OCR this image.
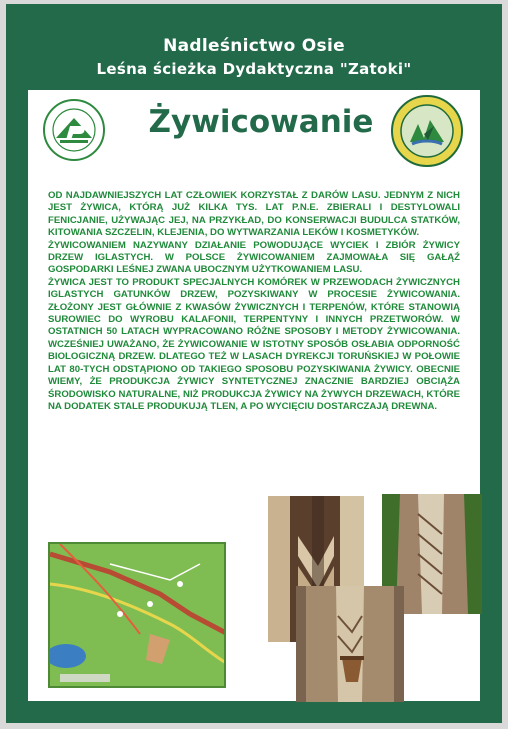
Nadleśnictwo Osie
Leśna ścieżka Dydaktyczna "Zatoki"
Żywicowanie

OD NAJDAWNIEJSZYCH LAT CZŁOWIEK KORZYSTAŁ Z DARÓW LASU. JEDNYM Z NICH JEST ŻYWICA, KTÓRĄ JUŻ KILKA TYS. LAT P.N.E. ZBIERALI I DESTYLOWALI FENICJANIE, UŻYWAJĄC JEJ, NA PRZYKŁAD, DO KONSERWACJI BUDULCA STATKÓW, KITOWANIA SZCZELIN, KLEJENIA, DO WYTWARZANIA LEKÓW I KOSMETYKÓW.

ŻYWICOWANIEM NAZYWANY DZIAŁANIE POWODUJĄCE WYCIEK I ZBIÓR ŻYWICY DRZEW IGLASTYCH. W POLSCE ŻYWICOWANIEM ZAJMOWAŁA SIĘ GAŁĄŹ GOSPODARKI LEŚNEJ ZWANA UBOCZNYM UŻYTKOWANIEM LASU.

ŻYWICA JEST TO PRODUKT SPECJALNYCH KOMÓREK W PRZEWODACH ŻYWICZNYCH IGLASTYCH GATUNKÓW DRZEW, POZYSKIWANY W PROCESIE ŻYWICOWANIA. ZŁOŻONY JEST GŁÓWNIE Z KWASÓW ŻYWICZNYCH I TERPENÓW, KTÓRE STANOWIĄ SUROWIEC DO WYROBU KALAFONII, TERPENTYNY I INNYCH PRZETWORÓW. W OSTATNICH 50 LATACH WYPRACOWANO RÓŻNE SPOSOBY I METODY ŻYWICOWANIA. WCZEŚNIEJ UWAŻANO, ŻE ŻYWICOWANIE W ISTOTNY SPOSÓB OSŁABIA ODPORNOŚĆ BIOLOGICZNĄ DRZEW. DLATEGO TEŻ W LASACH DYREKCJI TORUŃSKIEJ W POŁOWIE LAT 80-TYCH ODSTĄPIONO OD TAKIEGO SPOSOBU POZYSKIWANIA ŻYWICY. OBECNIE WIEMY, ŻE PRODUKCJA ŻYWICY SYNTETYCZNEJ ZNACZNIE BARDZIEJ OBCIĄŻA ŚRODOWISKO NATURALNE, NIŻ PRODUKCJA ŻYWICY NA ŻYWYCH DRZEWACH, KTÓRE NA DODATEK STALE PRODUKUJĄ TLEN, A PO WYCIĘCIU DOSTARCZAJĄ DREWNA.
